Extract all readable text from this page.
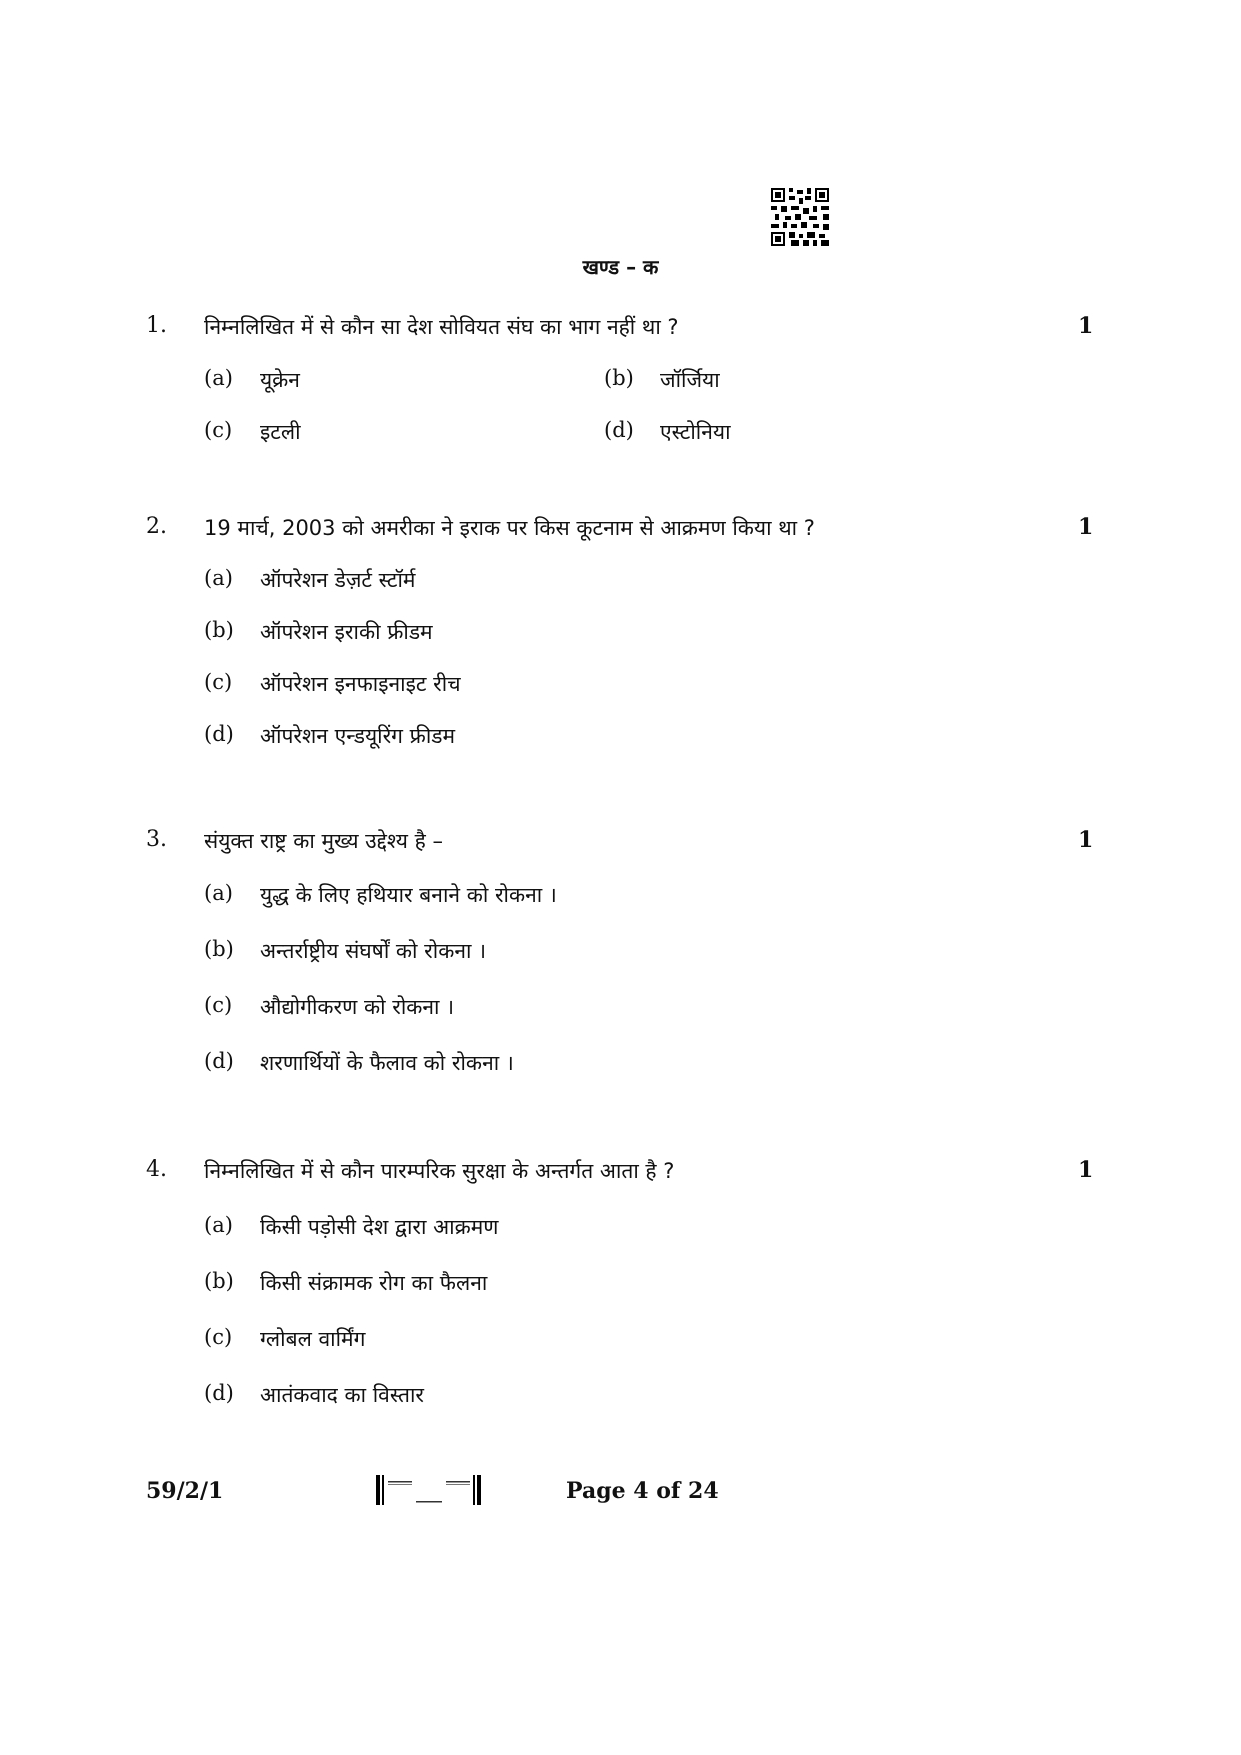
खण्ड – क
1. निम्नलिखित में से कौन सा देश सोवियत संघ का भाग नहीं था ?	1
(a) यूक्रेन	(b) जॉर्जिया
(c) इटली	(d) एस्टोनिया
2. 19 मार्च, 2003 को अमरीका ने इराक पर किस कूटनाम से आक्रमण किया था ?	1
(a) ऑपरेशन डेज़र्ट स्टॉर्म
(b) ऑपरेशन इराकी फ्रीडम
(c) ऑपरेशन इनफाइनाइट रीच
(d) ऑपरेशन एन्डयूरिंग फ्रीडम
3. संयुक्त राष्ट्र का मुख्य उद्देश्य है –	1
(a) युद्ध के लिए हथियार बनाने को रोकना ।
(b) अन्तर्राष्ट्रीय संघर्षों को रोकना ।
(c) औद्योगीकरण को रोकना ।
(d) शरणार्थियों के फैलाव को रोकना ।
4. निम्नलिखित में से कौन पारम्परिक सुरक्षा के अन्तर्गत आता है ?	1
(a) किसी पड़ोसी देश द्वारा आक्रमण
(b) किसी संक्रामक रोग का फैलना
(c) ग्लोबल वार्मिंग
(d) आतंकवाद का विस्तार
59/2/1	Page 4 of 24
